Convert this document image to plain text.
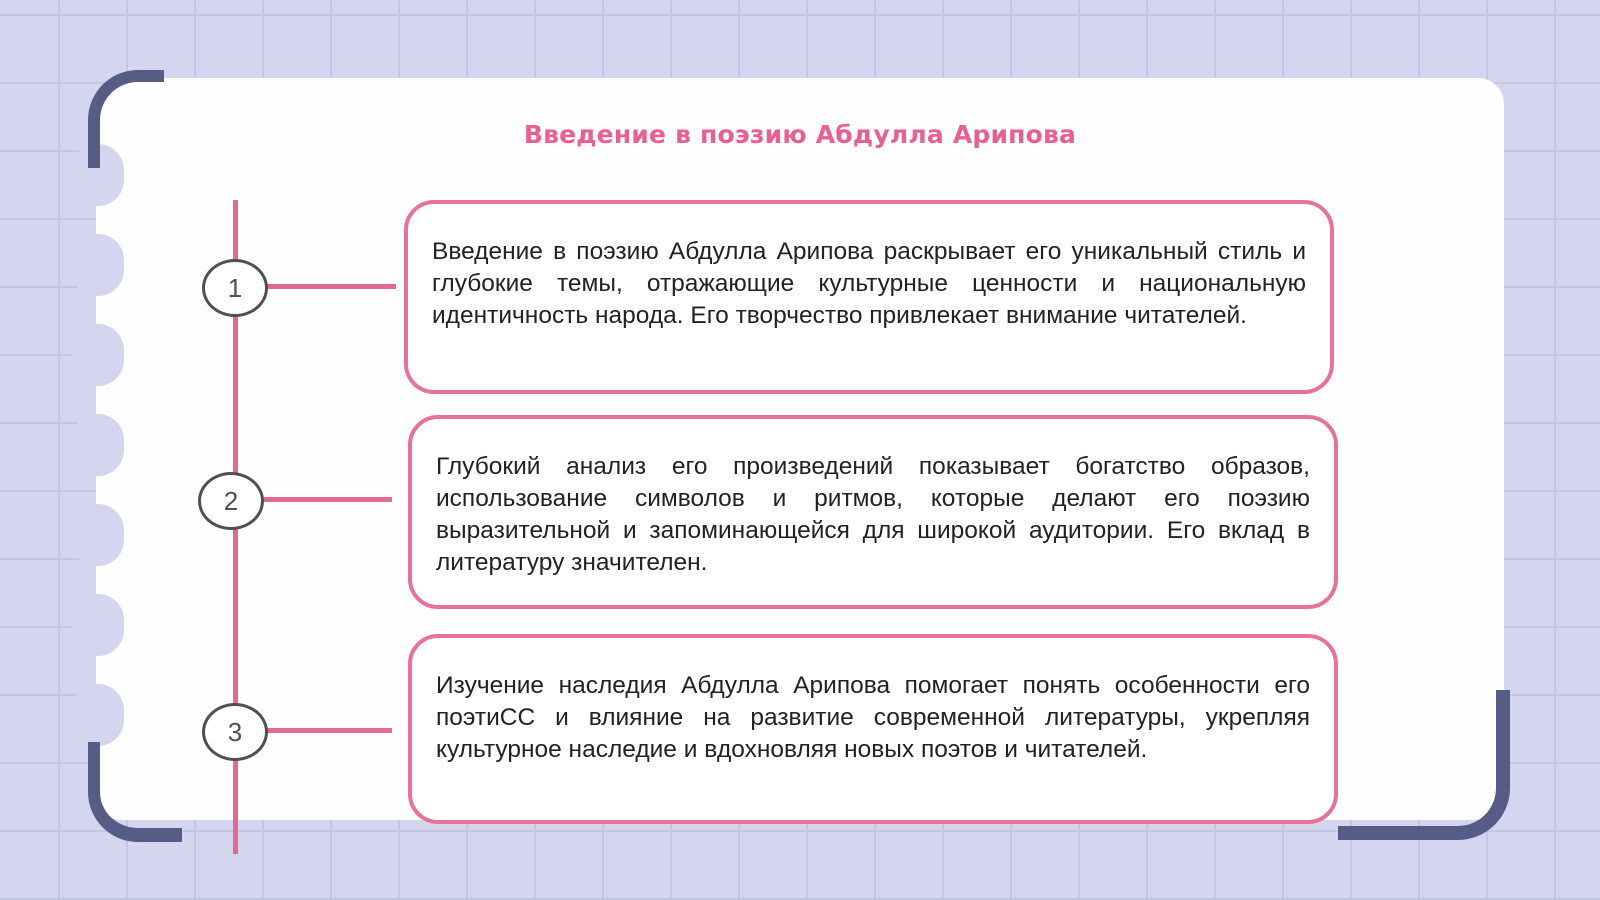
Введение в поэзию Абдулла Арипова
1
2
3
Введение в поэзию Абдулла Арипова раскрывает его уникальный стиль и глубокие темы, отражающие культурные ценности и национальную идентичность народа. Его творчество привлекает внимание читателей.
Глубокий анализ его произведений показывает богатство образов, использование символов и ритмов, которые делают его поэзию выразительной и запоминающейся для широкой аудитории. Его вклад в литературу значителен.
Изучение наследия Абдулла Арипова помогает понять особенности его поэтиСС и влияние на развитие современной литературы, укрепляя культурное наследие и вдохновляя новых поэтов и читателей.
